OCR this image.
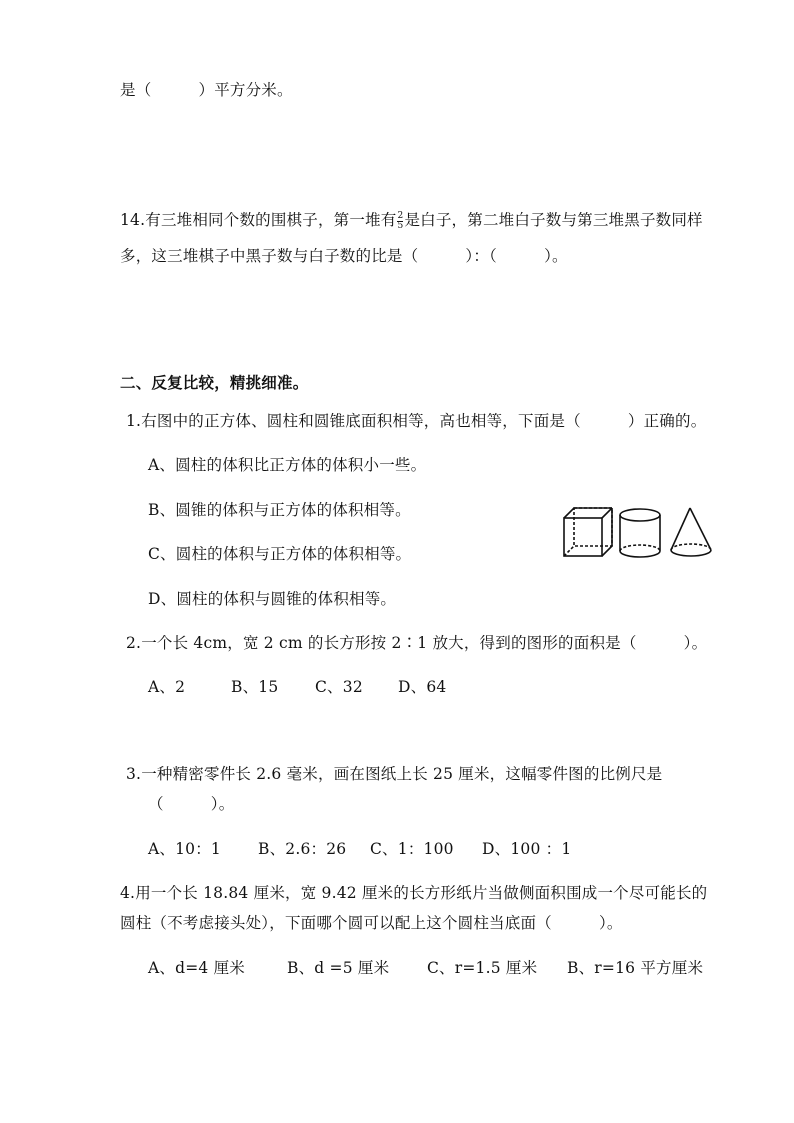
是（　　　）平方分米。
14.有三堆相同个数的围棋子，第一堆有 $\frac{2}{5}$ 是白子，第二堆白子数与第三堆黑子数同样
多，这三堆棋子中黑子数与白子数的比是（　　　）：（　　　）。
二、反复比较，精挑细准。
1.右图中的正方体、圆柱和圆锥底面积相等，高也相等，下面是（　　　）正确的。
A、圆柱的体积比正方体的体积小一些。
B、圆锥的体积与正方体的体积相等。
C、圆柱的体积与正方体的体积相等。
D、圆柱的体积与圆锥的体积相等。
2.一个长 4cm，宽 2 cm 的长方形按 2∶1 放大，得到的图形的面积是（　　　）。
A、2	B、15 C、32 D、64
3.一种精密零件长 2.6 毫米，画在图纸上长 25 厘米，这幅零件图的比例尺是
（　　　）。
A、10：1 B、2.6：26 C、1：100 D、100 ：1
4.用一个长 18.84 厘米，宽 9.42 厘米的长方形纸片当做侧面积围成一个尽可能长的
圆柱（不考虑接头处），下面哪个圆可以配上这个圆柱当底面（　　　）。
A、d=4 厘米	B、d =5 厘米 C、r=1.5 厘米 B、r=16 平方厘米
